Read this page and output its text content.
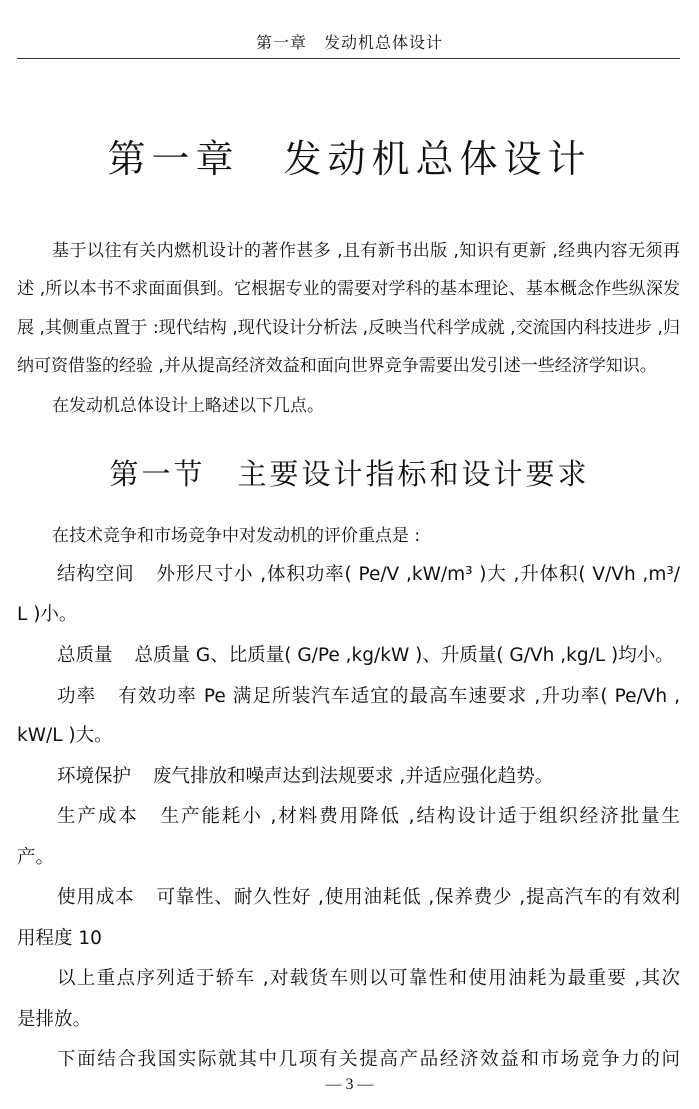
第一章　发动机总体设计
第一章　发动机总体设计
基于以往有关内燃机设计的著作甚多 ,且有新书出版 ,知识有更新 ,经典内容无须再
述 ,所以本书不求面面俱到。它根据专业的需要对学科的基本理论、基本概念作些纵深发
展 ,其侧重点置于 :现代结构 ,现代设计分析法 ,反映当代科学成就 ,交流国内科技进步 ,归
纳可资借鉴的经验 ,并从提高经济效益和面向世界竞争需要出发引述一些经济学知识。
在发动机总体设计上略述以下几点。
第一节　主要设计指标和设计要求
在技术竞争和市场竞争中对发动机的评价重点是 :
结构空间 外形尺寸小 ,体积功率( Pe/V ,kW/m³ )大 ,升体积( V/Vh ,m³/
L )小。
总质量 总质量 G、比质量( G/Pe ,kg/kW )、升质量( G/Vh ,kg/L )均小。
功率 有效功率 Pe 满足所装汽车适宜的最高车速要求 ,升功率( Pe/Vh ,
kW/L )大。
环境保护 废气排放和噪声达到法规要求 ,并适应强化趋势。
生产成本 生产能耗小 ,材料费用降低 ,结构设计适于组织经济批量生
产。
使用成本 可靠性、耐久性好 ,使用油耗低 ,保养费少 ,提高汽车的有效利
用程度 10
以上重点序列适于轿车 ,对载货车则以可靠性和使用油耗为最重要 ,其次
是排放。
下面结合我国实际就其中几项有关提高产品经济效益和市场竞争力的问
— 3 —
